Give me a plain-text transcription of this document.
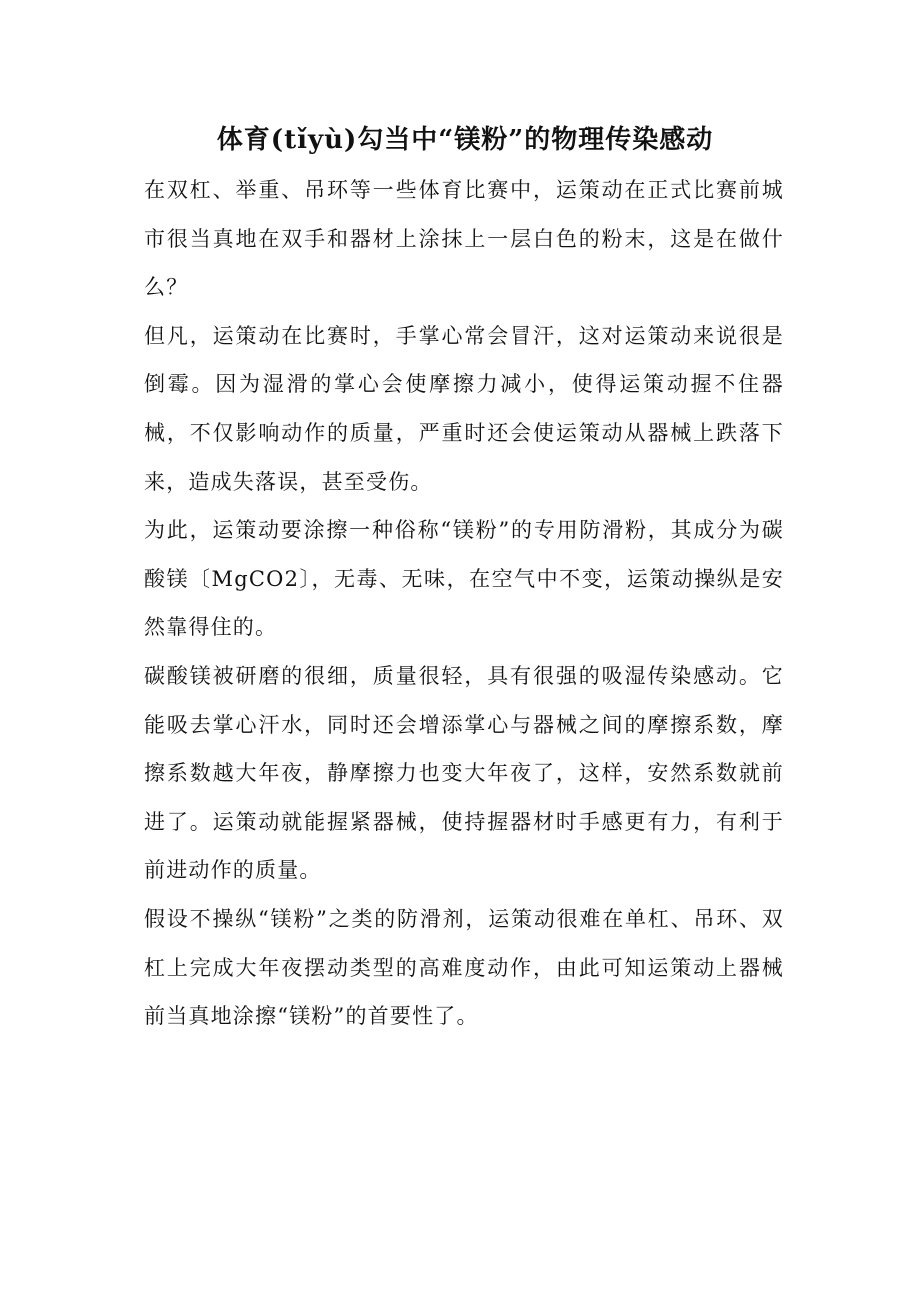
体育(tǐyù)勾当中“镁粉”的物理传染感动

在双杠、举重、吊环等一些体育比赛中，运策动在正式比赛前城市很当真地在双手和器材上涂抹上一层白色的粉末，这是在做什么？

但凡，运策动在比赛时，手掌心常会冒汗，这对运策动来说很是倒霉。因为湿滑的掌心会使摩擦力减小，使得运策动握不住器械，不仅影响动作的质量，严重时还会使运策动从器械上跌落下来，造成失落误，甚至受伤。

为此，运策动要涂擦一种俗称“镁粉”的专用防滑粉，其成分为碳酸镁〔MgCO2〕，无毒、无味，在空气中不变，运策动操纵是安然靠得住的。

碳酸镁被研磨的很细，质量很轻，具有很强的吸湿传染感动。它能吸去掌心汗水，同时还会增添掌心与器械之间的摩擦系数，摩擦系数越大年夜，静摩擦力也变大年夜了，这样，安然系数就前进了。运策动就能握紧器械，使持握器材时手感更有力，有利于前进动作的质量。

假设不操纵“镁粉”之类的防滑剂，运策动很难在单杠、吊环、双杠上完成大年夜摆动类型的高难度动作，由此可知运策动上器械前当真地涂擦“镁粉”的首要性了。
